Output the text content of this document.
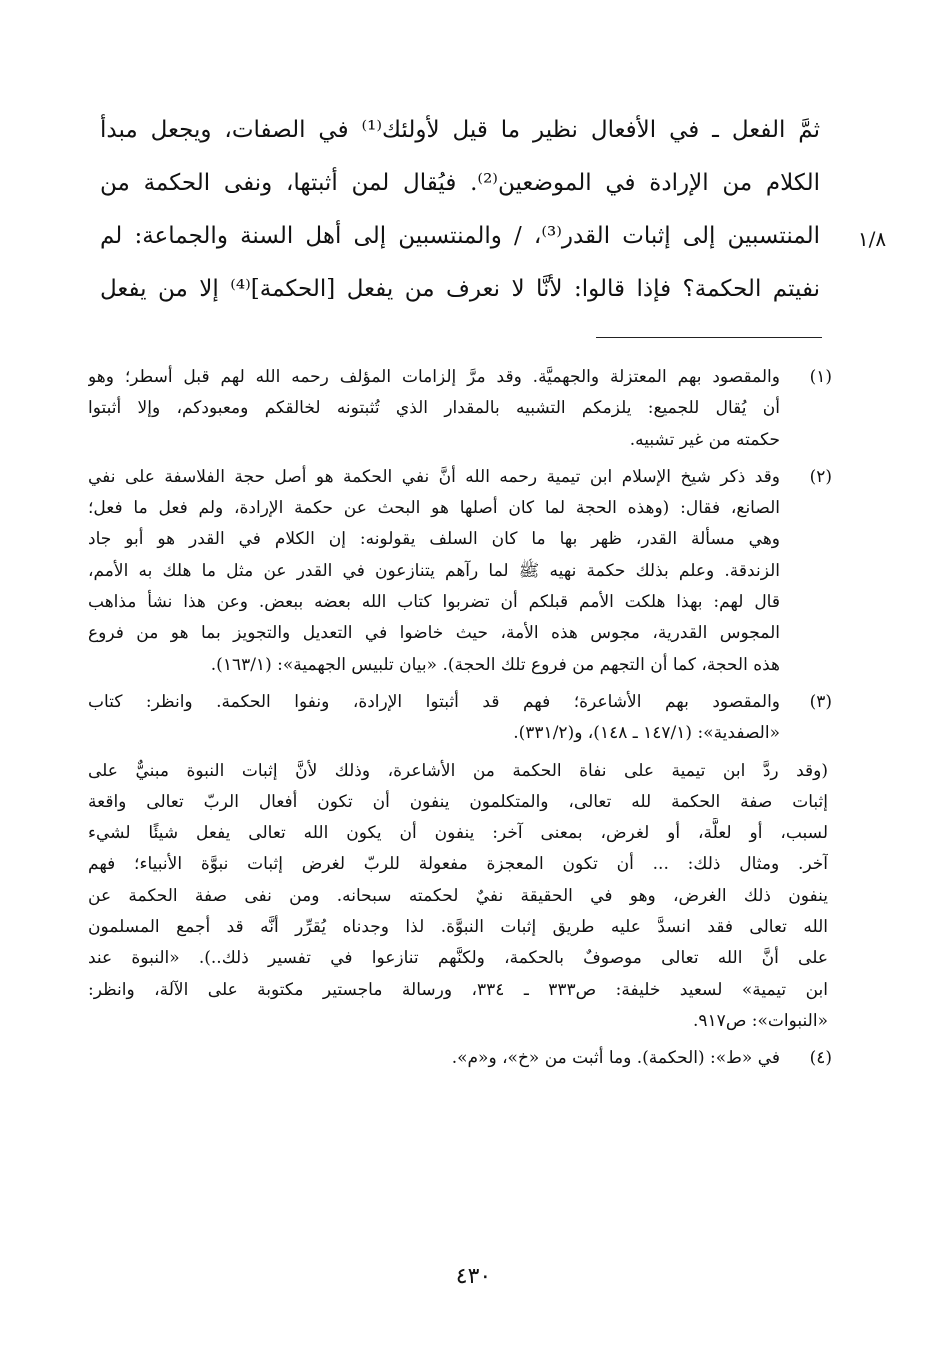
١/٨
ثمَّ الفعل ـ في الأفعال نظير ما قيل لأولئك⁽¹⁾ في الصفات، ويجعل مبدأ
الكلام من الإرادة في الموضعين⁽²⁾. فيُقال لمن أثبتها، ونفى الحكمة من
المنتسبين إلى إثبات القدر⁽³⁾، / والمنتسبين إلى أهل السنة والجماعة: لم
نفيتم الحكمة؟ فإذا قالوا: لأنَّا لا نعرف من يفعل [الحكمة]⁽⁴⁾ إلا من يفعل
(١)
والمقصود بهم المعتزلة والجهميَّة. وقد مرَّ إلزامات المؤلف رحمه الله لهم قبل أسطر؛ وهو
أن يُقال للجميع: يلزمكم التشبيه بالمقدار الذي تُثبتونه لخالقكم ومعبودكم، وإلا أثبتوا
حكمته من غير تشبيه.
(٢)
وقد ذكر شيخ الإسلام ابن تيمية رحمه الله أنَّ نفي الحكمة هو أصل حجة الفلاسفة على نفي
الصانع، فقال: (وهذه الحجة لما كان أصلها هو البحث عن حكمة الإرادة، ولم فعل ما فعل؛
وهي مسألة القدر، ظهر بها ما كان السلف يقولونه: إن الكلام في القدر هو أبو جاد
الزندقة. وعلم بذلك حكمة نهيه ﷺ لما رآهم يتنازعون في القدر عن مثل ما هلك به الأمم،
قال لهم: بهذا هلكت الأمم قبلكم أن تضربوا كتاب الله بعضه ببعض. وعن هذا نشأ مذاهب
المجوس القدرية، مجوس هذه الأمة، حيث خاضوا في التعديل والتجويز بما هو من فروع
هذه الحجة، كما أن التجهم من فروع تلك الحجة). «بيان تلبيس الجهمية»: (١٦٣/١).
(٣)
والمقصود بهم الأشاعرة؛ فهم قد أثبتوا الإرادة، ونفوا الحكمة. وانظر: كتاب
«الصفدية»: (١٤٧/١ ـ ١٤٨)، و(٣٣١/٢).
(وقد ردَّ ابن تيمية على نفاة الحكمة من الأشاعرة، وذلك لأنَّ إثبات النبوة مبنيٌّ على
إثبات صفة الحكمة لله تعالى، والمتكلمون ينفون أن تكون أفعال الربّ تعالى واقعة
لسبب، أو لعلَّة، أو لغرض، بمعنى آخر: ينفون أن يكون الله تعالى يفعل شيئًا لشيء
آخر. ومثال ذلك: ... أن تكون المعجزة مفعولة للربّ لغرض إثبات نبوَّة الأنبياء؛ فهم
ينفون ذلك الغرض، وهو في الحقيقة نفيٌ لحكمته سبحانه. ومن نفى صفة الحكمة عن
الله تعالى فقد انسدَّ عليه طريق إثبات النبوَّة. لذا وجدناه يُقرِّر أنَّه قد أجمع المسلمون
على أنَّ الله تعالى موصوفٌ بالحكمة، ولكنَّهم تنازعوا في تفسير ذلك..). «النبوة عند
ابن تيمية» لسعيد خليفة: ص٣٣٣ ـ ٣٣٤، ورسالة ماجستير مكتوبة على الآلة، وانظر:
«النبوات»: ص٩١٧.
(٤)
في «ط»: (الحكمة). وما أثبت من «خ»، و«م».
٤٣٠
